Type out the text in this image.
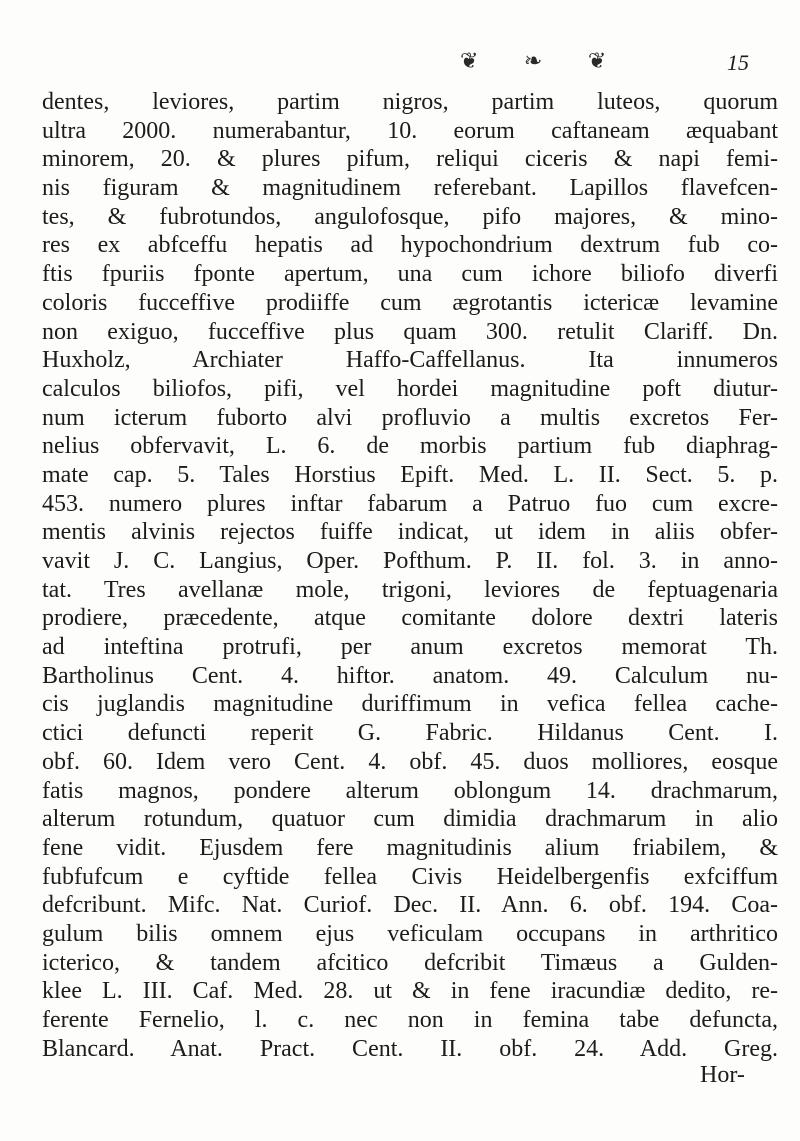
❦ ❧ ❦	15
dentes, leviores, partim nigros, partim luteos, quorum
ultra 2000. numerabantur, 10. eorum caftaneam æquabant
minorem, 20. & plures pifum, reliqui ciceris & napi femi-
nis figuram & magnitudinem referebant. Lapillos flavefcen-
tes, & fubrotundos, angulofosque, pifo majores, & mino-
res ex abfceffu hepatis ad hypochondrium dextrum fub co-
ftis fpuriis fponte apertum, una cum ichore biliofo diverfi
coloris fucceffive prodiiffe cum ægrotantis ictericæ levamine
non exiguo, fucceffive plus quam 300. retulit Clariff. Dn.
Huxholz, Archiater Haffo-Caffellanus. Ita innumeros
calculos biliofos, pifi, vel hordei magnitudine poft diutur-
num icterum fuborto alvi profluvio a multis excretos Fer-
nelius obfervavit, L. 6. de morbis partium fub diaphrag-
mate cap. 5. Tales Horstius Epift. Med. L. II. Sect. 5. p.
453. numero plures inftar fabarum a Patruo fuo cum excre-
mentis alvinis rejectos fuiffe indicat, ut idem in aliis obfer-
vavit J. C. Langius, Oper. Pofthum. P. II. fol. 3. in anno-
tat. Tres avellanæ mole, trigoni, leviores de feptuagenaria
prodiere, præcedente, atque comitante dolore dextri lateris
ad inteftina protrufi, per anum excretos memorat Th.
Bartholinus Cent. 4. hiftor. anatom. 49. Calculum nu-
cis juglandis magnitudine duriffimum in vefica fellea cache-
ctici defuncti reperit G. Fabric. Hildanus Cent. I.
obf. 60. Idem vero Cent. 4. obf. 45. duos molliores, eosque
fatis magnos, pondere alterum oblongum 14. drachmarum,
alterum rotundum, quatuor cum dimidia drachmarum in alio
fene vidit. Ejusdem fere magnitudinis alium friabilem, &
fubfufcum e cyftide fellea Civis Heidelbergenfis exfciffum
defcribunt. Mifc. Nat. Curiof. Dec. II. Ann. 6. obf. 194. Coa-
gulum bilis omnem ejus veficulam occupans in arthritico
icterico, & tandem afcitico defcribit Timæus a Gulden-
klee L. III. Caf. Med. 28. ut & in fene iracundiæ dedito, re-
ferente Fernelio, l. c. nec non in femina tabe defuncta,
Blancard. Anat. Pract. Cent. II. obf. 24. Add. Greg.
Hor-
